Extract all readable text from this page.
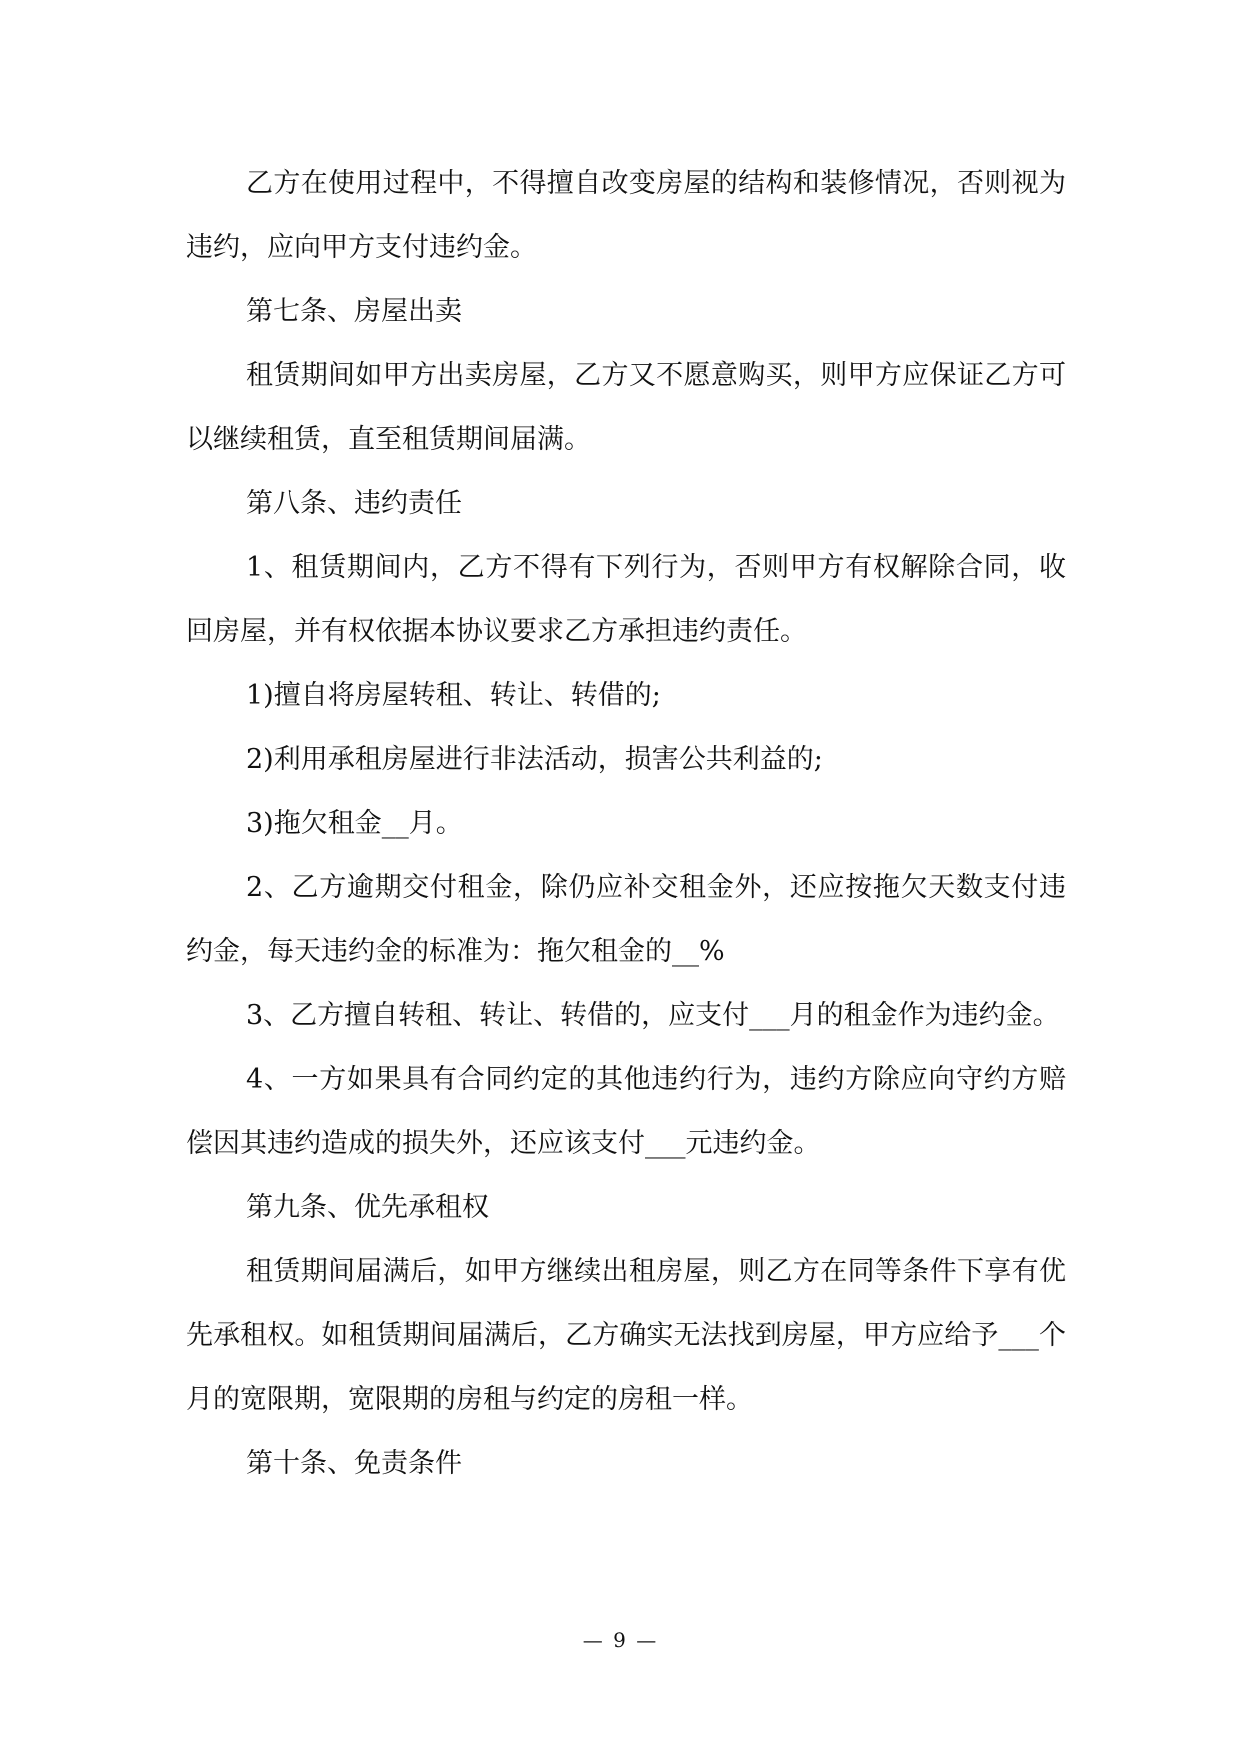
乙方在使用过程中，不得擅自改变房屋的结构和装修情况，否则视为违约，应向甲方支付违约金。

第七条、房屋出卖

租赁期间如甲方出卖房屋，乙方又不愿意购买，则甲方应保证乙方可以继续租赁，直至租赁期间届满。

第八条、违约责任

1、租赁期间内，乙方不得有下列行为，否则甲方有权解除合同，收回房屋，并有权依据本协议要求乙方承担违约责任。

1)擅自将房屋转租、转让、转借的;

2)利用承租房屋进行非法活动，损害公共利益的;

3)拖欠租金__月。

2、乙方逾期交付租金，除仍应补交租金外，还应按拖欠天数支付违约金，每天违约金的标准为：拖欠租金的__%

3、乙方擅自转租、转让、转借的，应支付___月的租金作为违约金。

4、一方如果具有合同约定的其他违约行为，违约方除应向守约方赔偿因其违约造成的损失外，还应该支付___元违约金。

第九条、优先承租权

租赁期间届满后，如甲方继续出租房屋，则乙方在同等条件下享有优先承租权。如租赁期间届满后，乙方确实无法找到房屋，甲方应给予___个月的宽限期，宽限期的房租与约定的房租一样。

第十条、免责条件

— 9 —
